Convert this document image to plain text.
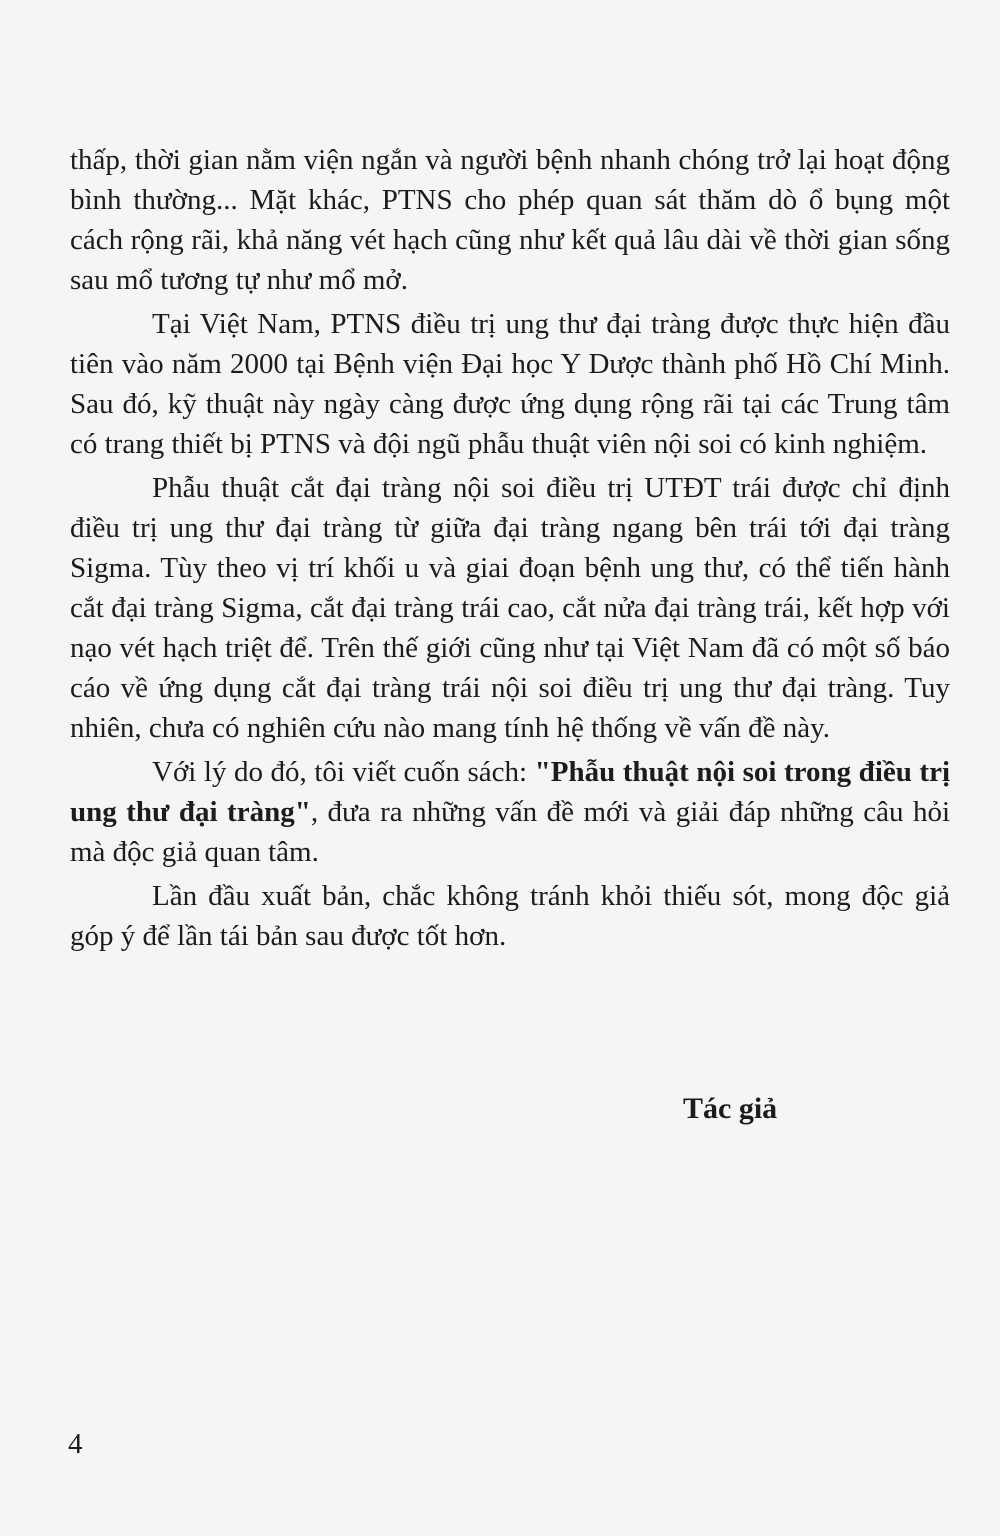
thấp, thời gian nằm viện ngắn và người bệnh nhanh chóng trở lại hoạt động bình thường... Mặt khác, PTNS cho phép quan sát thăm dò ổ bụng một cách rộng rãi, khả năng vét hạch cũng như kết quả lâu dài về thời gian sống sau mổ tương tự như mổ mở.

Tại Việt Nam, PTNS điều trị ung thư đại tràng được thực hiện đầu tiên vào năm 2000 tại Bệnh viện Đại học Y Dược thành phố Hồ Chí Minh. Sau đó, kỹ thuật này ngày càng được ứng dụng rộng rãi tại các Trung tâm có trang thiết bị PTNS và đội ngũ phẫu thuật viên nội soi có kinh nghiệm.

Phẫu thuật cắt đại tràng nội soi điều trị UTĐT trái được chỉ định điều trị ung thư đại tràng từ giữa đại tràng ngang bên trái tới đại tràng Sigma. Tùy theo vị trí khối u và giai đoạn bệnh ung thư, có thể tiến hành cắt đại tràng Sigma, cắt đại tràng trái cao, cắt nửa đại tràng trái, kết hợp với nạo vét hạch triệt để. Trên thế giới cũng như tại Việt Nam đã có một số báo cáo về ứng dụng cắt đại tràng trái nội soi điều trị ung thư đại tràng. Tuy nhiên, chưa có nghiên cứu nào mang tính hệ thống về vấn đề này.

Với lý do đó, tôi viết cuốn sách: "Phẫu thuật nội soi trong điều trị ung thư đại tràng", đưa ra những vấn đề mới và giải đáp những câu hỏi mà độc giả quan tâm.

Lần đầu xuất bản, chắc không tránh khỏi thiếu sót, mong độc giả góp ý để lần tái bản sau được tốt hơn.

Tác giả
4
